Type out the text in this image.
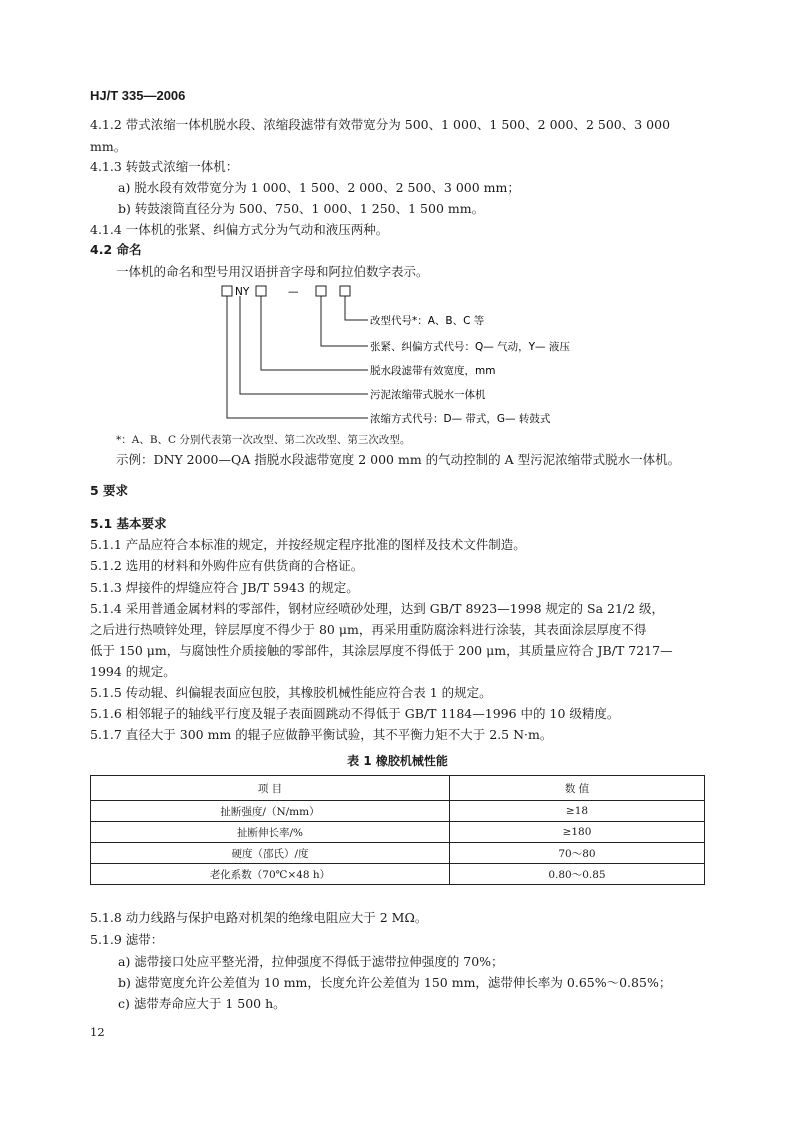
HJ/T 335—2006
4.1.2 带式浓缩一体机脱水段、浓缩段滤带有效带宽分为 500、1 000、1 500、2 000、2 500、3 000
mm。
4.1.3 转鼓式浓缩一体机：
a) 脱水段有效带宽分为 1 000、1 500、2 000、2 500、3 000 mm；
b) 转鼓滚筒直径分为 500、750、1 000、1 250、1 500 mm。
4.1.4 一体机的张紧、纠偏方式分为气动和液压两种。
4.2 命名
一体机的命名和型号用汉语拼音字母和阿拉伯数字表示。
NY	—
改型代号*：A、B、C 等
张紧、纠偏方式代号：Q— 气动，Y— 液压
脱水段滤带有效宽度，mm
污泥浓缩带式脱水一体机
浓缩方式代号：D— 带式，G— 转鼓式
*：A、B、C 分别代表第一次改型、第二次改型、第三次改型。
示例：DNY 2000—QA 指脱水段滤带宽度 2 000 mm 的气动控制的 A 型污泥浓缩带式脱水一体机。
5 要求
5.1 基本要求
5.1.1 产品应符合本标准的规定，并按经规定程序批准的图样及技术文件制造。
5.1.2 选用的材料和外购件应有供货商的合格证。
5.1.3 焊接件的焊缝应符合 JB/T 5943 的规定。
5.1.4 采用普通金属材料的零部件，钢材应经喷砂处理，达到 GB/T 8923—1998 规定的 Sa 21/2 级，
之后进行热喷锌处理，锌层厚度不得少于 80 μm，再采用重防腐涂料进行涂装，其表面涂层厚度不得
低于 150 μm，与腐蚀性介质接触的零部件，其涂层厚度不得低于 200 μm，其质量应符合 JB/T 7217—
1994 的规定。
5.1.5 传动辊、纠偏辊表面应包胶，其橡胶机械性能应符合表 1 的规定。
5.1.6 相邻辊子的轴线平行度及辊子表面圆跳动不得低于 GB/T 1184—1996 中的 10 级精度。
5.1.7 直径大于 300 mm 的辊子应做静平衡试验，其不平衡力矩不大于 2.5 N·m。
表 1 橡胶机械性能
项 目	数 值
扯断强度/（N/mm）	≥18
扯断伸长率/%	≥180
硬度（邵氏）/度	70～80
老化系数（70℃×48 h）	0.80～0.85
5.1.8 动力线路与保护电路对机架的绝缘电阻应大于 2 MΩ。
5.1.9 滤带：
a) 滤带接口处应平整光滑，拉伸强度不得低于滤带拉伸强度的 70%；
b) 滤带宽度允许公差值为 10 mm，长度允许公差值为 150 mm，滤带伸长率为 0.65%～0.85%；
c) 滤带寿命应大于 1 500 h。
12
